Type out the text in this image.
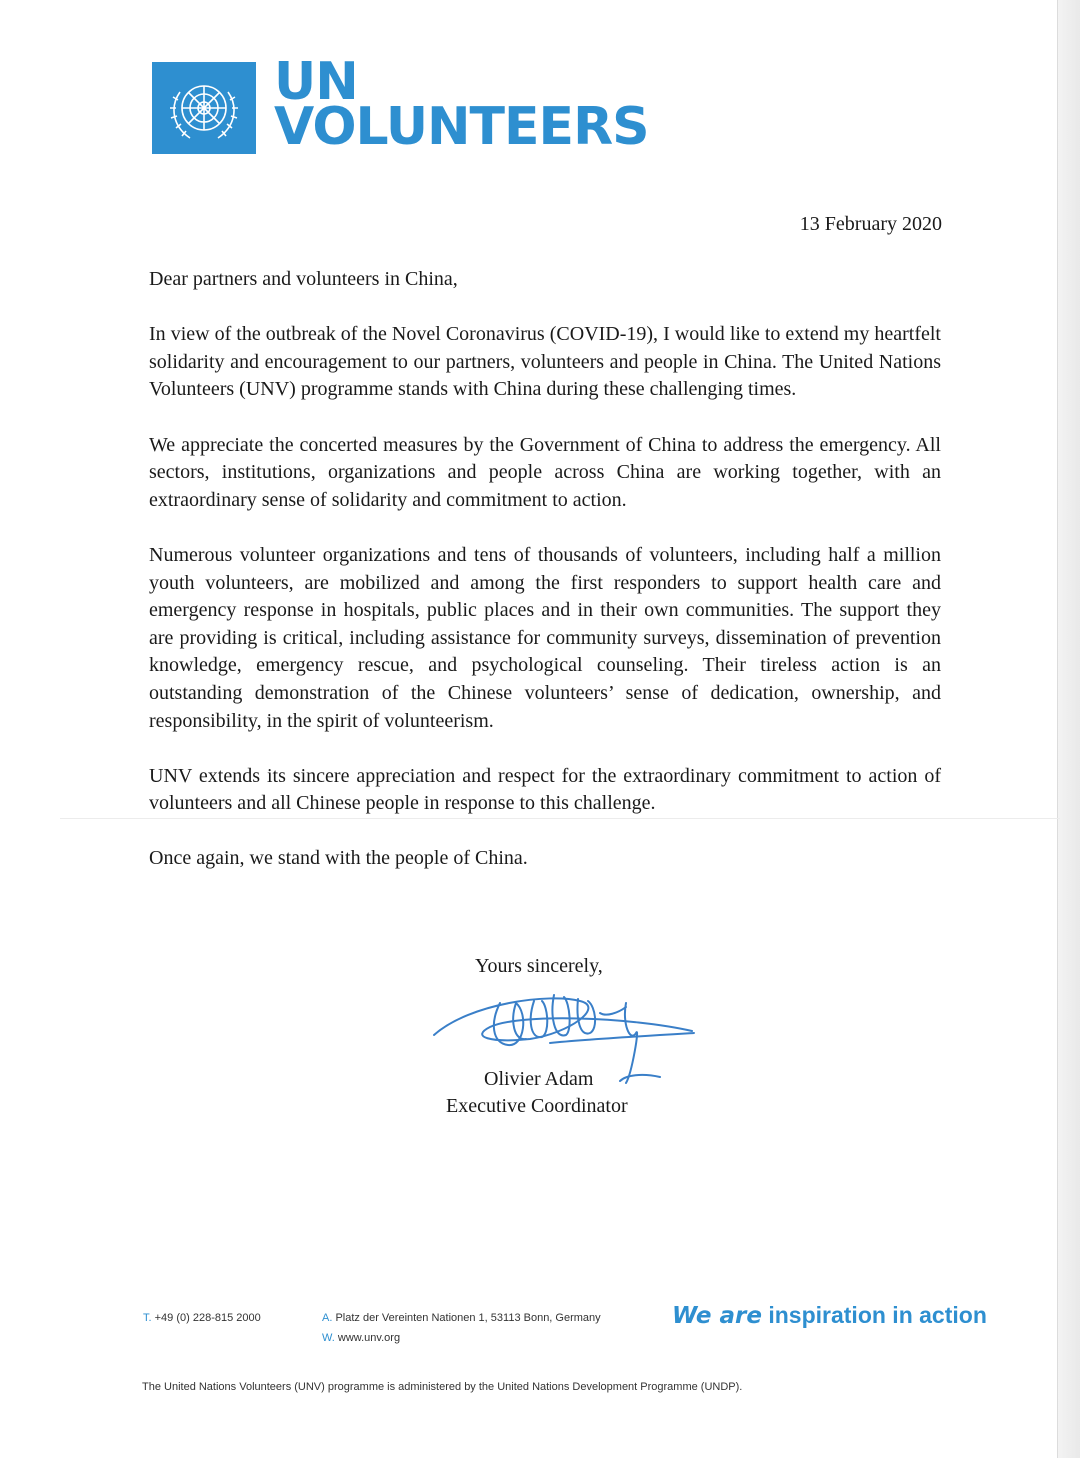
UN
VOLUNTEERS
13 February 2020

Dear partners and volunteers in China,

In view of the outbreak of the Novel Coronavirus (COVID-19), I would like to extend my heartfelt solidarity and encouragement to our partners, volunteers and people in China. The United Nations Volunteers (UNV) programme stands with China during these challenging times.

We appreciate the concerted measures by the Government of China to address the emergency. All sectors, institutions, organizations and people across China are working together, with an extraordinary sense of solidarity and commitment to action.

Numerous volunteer organizations and tens of thousands of volunteers, including half a million youth volunteers, are mobilized and among the first responders to support health care and emergency response in hospitals, public places and in their own communities. The support they are providing is critical, including assistance for community surveys, dissemination of prevention knowledge, emergency rescue, and psychological counseling. Their tireless action is an outstanding demonstration of the Chinese volunteers’ sense of dedication, ownership, and responsibility, in the spirit of volunteerism.

UNV extends its sincere appreciation and respect for the extraordinary commitment to action of volunteers and all Chinese people in response to this challenge.

Once again, we stand with the people of China.

Yours sincerely,
Olivier Adam
Executive Coordinator
T. +49 (0) 228-815 2000	A. Platz der Vereinten Nationen 1, 53113 Bonn, Germany
W. www.unv.org
We are inspiration in action
The United Nations Volunteers (UNV) programme is administered by the United Nations Development Programme (UNDP).
